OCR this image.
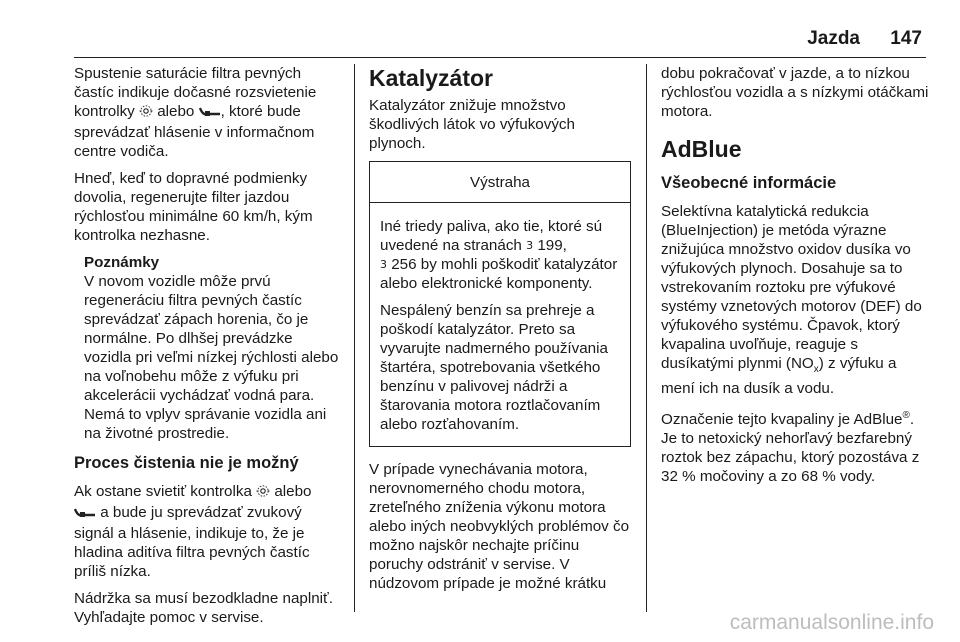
Jazda 147

Spustenie saturácie filtra pevných častíc indikuje dočasné rozsvietenie kontrolky  alebo , ktoré bude sprevádzať hlásenie v informačnom centre vodiča.

Hneď, keď to dopravné podmienky dovolia, regenerujte filter jazdou rýchlosťou minimálne 60 km/h, kým kontrolka nezhasne.

Poznámky
V novom vozidle môže prvú regeneráciu filtra pevných častíc sprevádzať zápach horenia, čo je normálne. Po dlhšej prevádzke vozidla pri veľmi nízkej rýchlosti alebo na voľnobehu môže z výfuku pri akcelerácii vychádzať vodná para. Nemá to vplyv správanie vozidla ani na životné prostredie.
Proces čistenia nie je možný

Ak ostane svietiť kontrolka  alebo
a bude ju sprevádzať zvukový signál a hlásenie, indikuje to, že je hladina aditíva filtra pevných častíc príliš nízka.

Nádržka sa musí bezodkladne naplniť. Vyhľadajte pomoc v servise.

Katalyzátor

Katalyzátor znižuje množstvo škodlivých látok vo výfukových plynoch.

Výstraha

Iné triedy paliva, ako tie, ktoré sú uvedené na stranách 3 199,
3 256 by mohli poškodiť katalyzátor alebo elektronické komponenty.

Nespálený benzín sa prehreje a poškodí katalyzátor. Preto sa vyvarujte nadmerného používania štartéra, spotrebovania všetkého benzínu v palivovej nádrži a štarovania motora roztlačovaním alebo rozťahovaním.

V prípade vynechávania motora, nerovnomerného chodu motora, zreteľného zníženia výkonu motora alebo iných neobvyklých problémov čo možno najskôr nechajte príčinu poruchy odstrániť v servise. V núdzovom prípade je možné krátku

dobu pokračovať v jazde, a to nízkou rýchlosťou vozidla a s nízkymi otáčkami motora.

AdBlue
Všeobecné informácie

Selektívna katalytická redukcia (BlueInjection) je metóda výrazne znižujúca množstvo oxidov dusíka vo výfukových plynoch. Dosahuje sa to vstrekovaním roztoku pre výfukové systémy vznetových motorov (DEF) do výfukového systému. Čpavok, ktorý kvapalina uvoľňuje, reaguje s dusíkatými plynmi $(NO_x)$ z výfuku a mení ich na dusík a vodu.

Označenie tejto kvapaliny je AdBlue®. Je to netoxický nehorľavý bezfarebný roztok bez zápachu, ktorý pozostáva z 32 % močoviny a zo 68 % vody.

carmanualsonline.info
